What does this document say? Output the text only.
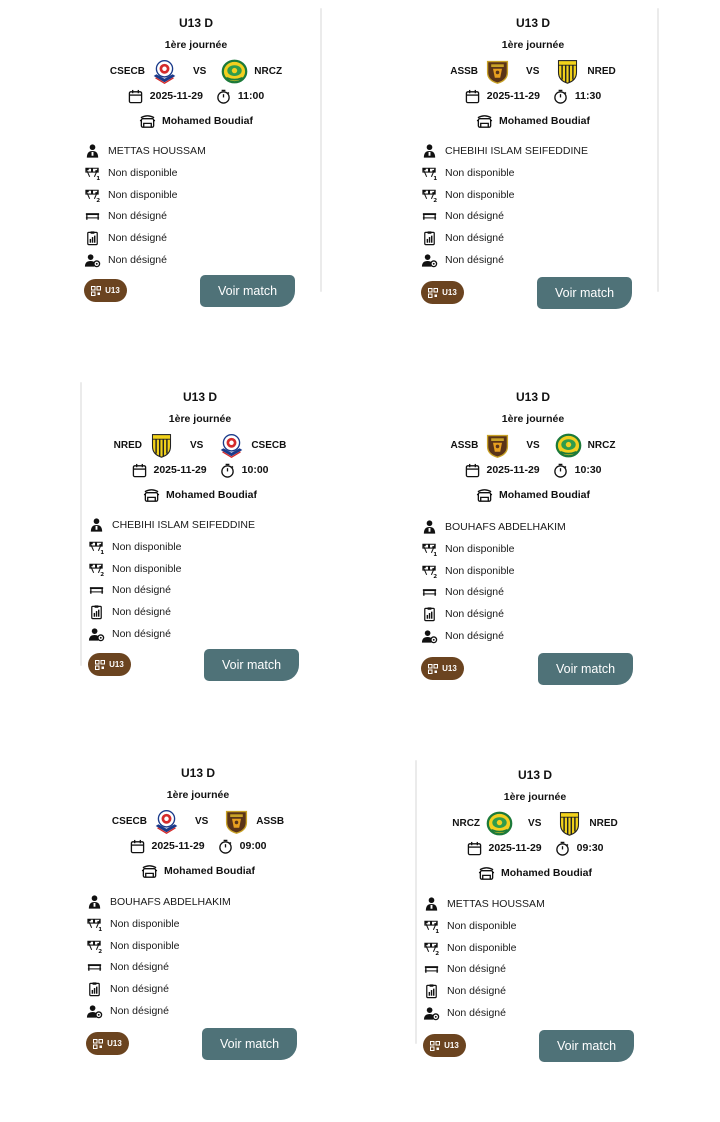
U13 D
1ère journée
CSECB	VS	NRCZ
2025-11-29	11:00
Mohamed Boudiaf
METTAS HOUSSAM
1
Non disponible
2
Non disponible
Non désigné
Non désigné
Non désigné
U13	Voir match
U13 D
1ère journée
ASSB	VS	NRED
2025-11-29	11:30
Mohamed Boudiaf
CHEBIHI ISLAM SEIFEDDINE
1
Non disponible
2
Non disponible
Non désigné
Non désigné
Non désigné
U13	Voir match
U13 D
1ère journée
NRED	VS	CSECB
2025-11-29	10:00
Mohamed Boudiaf
CHEBIHI ISLAM SEIFEDDINE
1
Non disponible
2
Non disponible
Non désigné
Non désigné
Non désigné
U13	Voir match
U13 D
1ère journée
ASSB	VS	NRCZ
2025-11-29	10:30
Mohamed Boudiaf
BOUHAFS ABDELHAKIM
1
Non disponible
2
Non disponible
Non désigné
Non désigné
Non désigné
U13	Voir match
U13 D
1ère journée
CSECB	VS	ASSB
2025-11-29	09:00
Mohamed Boudiaf
BOUHAFS ABDELHAKIM
1
Non disponible
2
Non disponible
Non désigné
Non désigné
Non désigné
U13	Voir match
U13 D
1ère journée
NRCZ	VS	NRED
2025-11-29	09:30
Mohamed Boudiaf
METTAS HOUSSAM
1
Non disponible
2
Non disponible
Non désigné
Non désigné
Non désigné
U13	Voir match
